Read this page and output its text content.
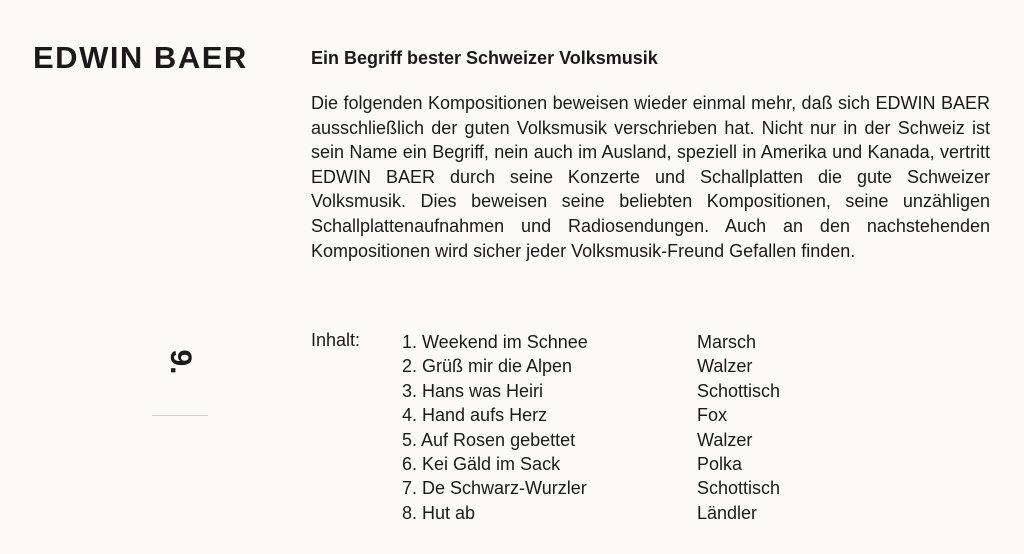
EDWIN BAER	Ein Begriff bester Schweizer Volksmusik

Die folgenden Kompositionen beweisen wieder einmal mehr, daß sich EDWIN BAER ausschließlich der guten Volksmusik verschrieben hat. Nicht nur in der Schweiz ist sein Name ein Begriff, nein auch im Ausland, speziell in Amerika und Kanada, vertritt EDWIN BAER durch seine Konzerte und Schallplatten die gute Schweizer Volksmusik. Dies beweisen seine beliebten Kompositionen, seine unzähligen Schallplattenaufnahmen und Radiosendungen. Auch an den nachstehenden Kompositionen wird sicher jeder Volksmusik-Freund Gefallen finden.

9.
Inhalt: 1. Weekend im Schnee	Marsch
2. Grüß mir die Alpen	Walzer
3. Hans was Heiri	Schottisch
4. Hand aufs Herz	Fox
5. Auf Rosen gebettet	Walzer
6. Kei Gäld im Sack	Polka
7. De Schwarz-Wurzler	Schottisch
8. Hut ab	Ländler
